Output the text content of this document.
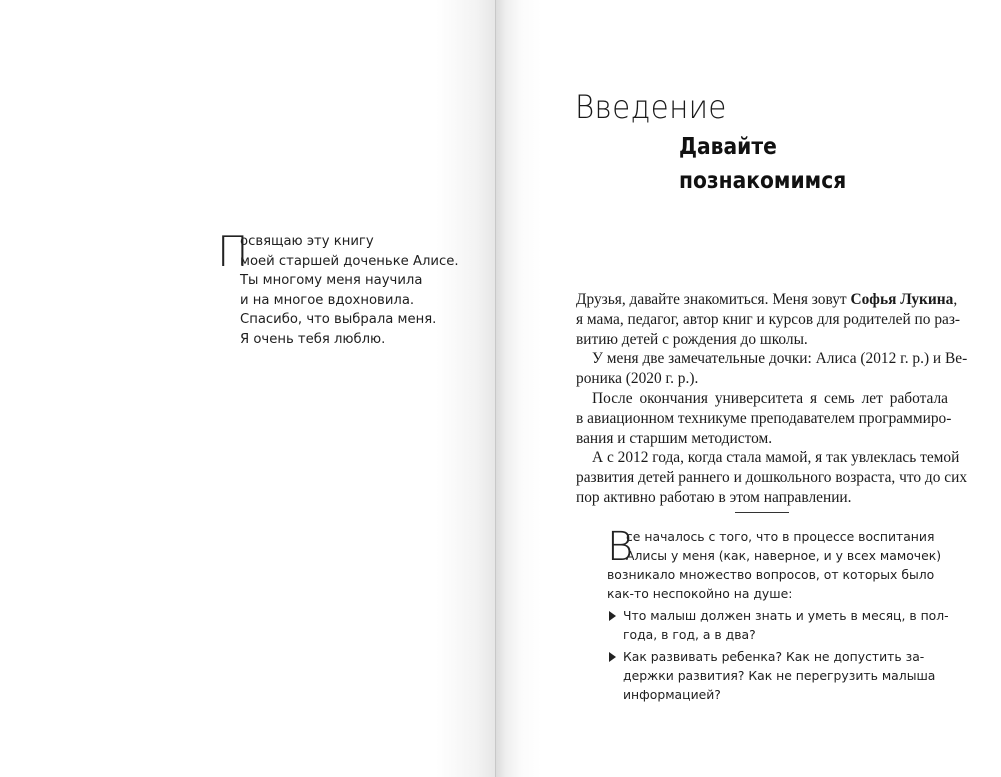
П
освящаю эту книгу
моей старшей доченьке Алисе.
Ты многому меня научила
и на многое вдохновила.
Спасибо, что выбрала меня.
Я очень тебя люблю.
Введение
Давайте
познакомимся
Друзья, давайте знакомиться. Меня зовут Софья Лукина,
я мама, педагог, автор книг и курсов для родителей по раз-
витию детей с рождения до школы.
У меня две замечательные дочки: Алиса (2012 г. р.) и Ве-
роника (2020 г. р.).
После окончания университета я семь лет работала
в авиационном техникуме преподавателем программиро-
вания и старшим методистом.
А с 2012 года, когда стала мамой, я так увлеклась темой
развития детей раннего и дошкольного возраста, что до сих
пор активно работаю в этом направлении.
В
се началось с того, что в процессе воспитания
Алисы у меня (как, наверное, и у всех мамочек)
возникало множество вопросов, от которых было
как-то неспокойно на душе:
Что малыш должен знать и уметь в месяц, в пол-
года, в год, а в два?
Как развивать ребенка? Как не допустить за-
держки развития? Как не перегрузить малыша
информацией?
